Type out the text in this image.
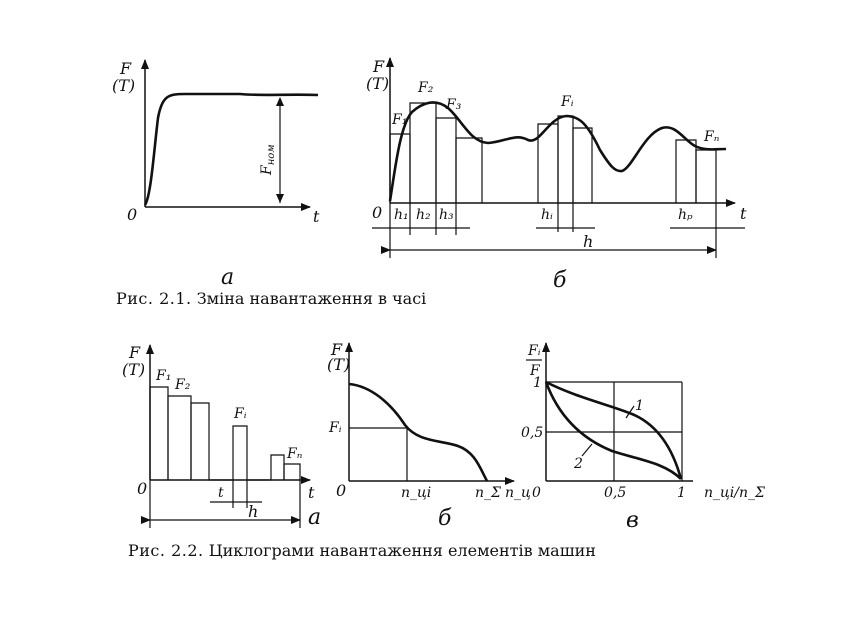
F
(T)
0	t
$F_{ном}$
а
F
(T)
0	t
F₁
F₂
F₃	Fᵢ
Fₙ
h₁ h₂ h₃	hᵢ	hₚ
h
б
F
(T)
0	t
F₁
F₂
Fᵢ
Fₙ
t
h а
F
(T)
0
Fᵢ
n_ці	n_Σ n_ц
б
Fᵢ
F
1
0,5
0	0,5	1 n_ці/n_Σ
1
2
в
Рис. 2.1. Зміна навантаження в часі
Рис. 2.2. Циклограми навантаження елементів машин
